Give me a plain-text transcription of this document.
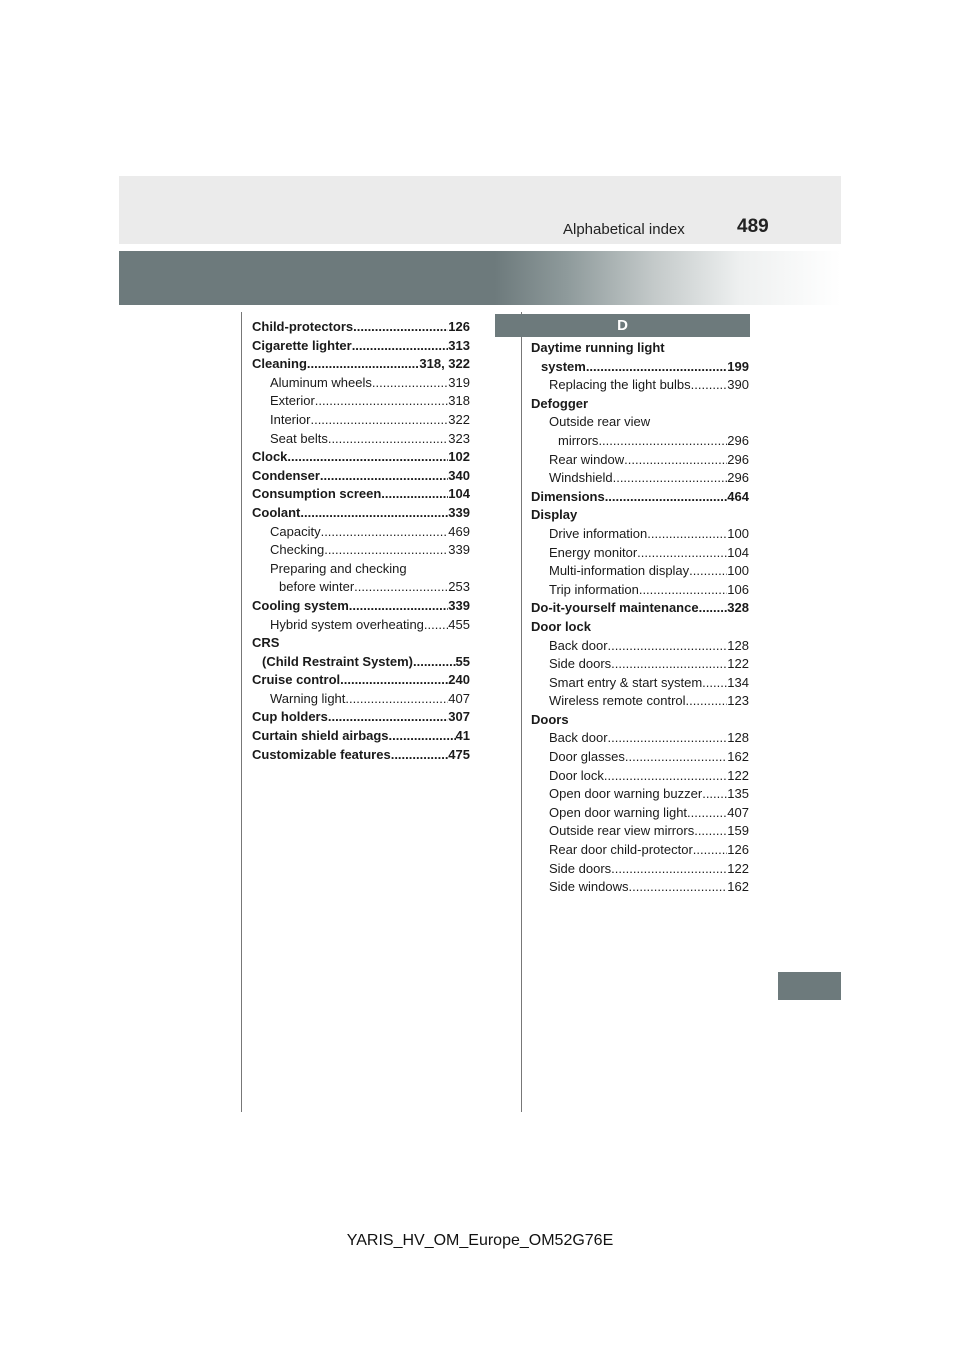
Alphabetical index	489
D
Child-protectors .....	126
Cigarette lighter .....	313
Cleaning .....	318, 322
Aluminum wheels .....	319
Exterior .....	318
Interior .....	322
Seat belts .....	323
Clock .....	102
Condenser .....	340
Consumption screen .....	104
Coolant .....	339
Capacity .....	469
Checking .....	339
Preparing and checking
before winter .....	253
Cooling system .....	339
Hybrid system overheating ..... 455
CRS
(Child Restraint System) .....	55
Cruise control .....	240
Warning light .....	407
Cup holders .....	307
Curtain shield airbags .....	41
Customizable features .....	475
Daytime running light
system .....	199
Replacing the light bulbs .....	390
Defogger
Outside rear view
mirrors .....	296
Rear window .....	296
Windshield .....	296
Dimensions .....	464
Display
Drive information .....	100
Energy monitor .....	104
Multi-information display .....	100
Trip information .....	106
Do-it-yourself maintenance ..... 328
Door lock
Back door .....	128
Side doors .....	122
Smart entry & start system ..... 134
Wireless remote control .....	123
Doors
Back door .....	128
Door glasses .....	162
Door lock .....	122
Open door warning buzzer ..... 135
Open door warning light .....	407
Outside rear view mirrors .....	159
Rear door child-protector .....	126
Side doors .....	122
Side windows .....	162
YARIS_HV_OM_Europe_OM52G76E
